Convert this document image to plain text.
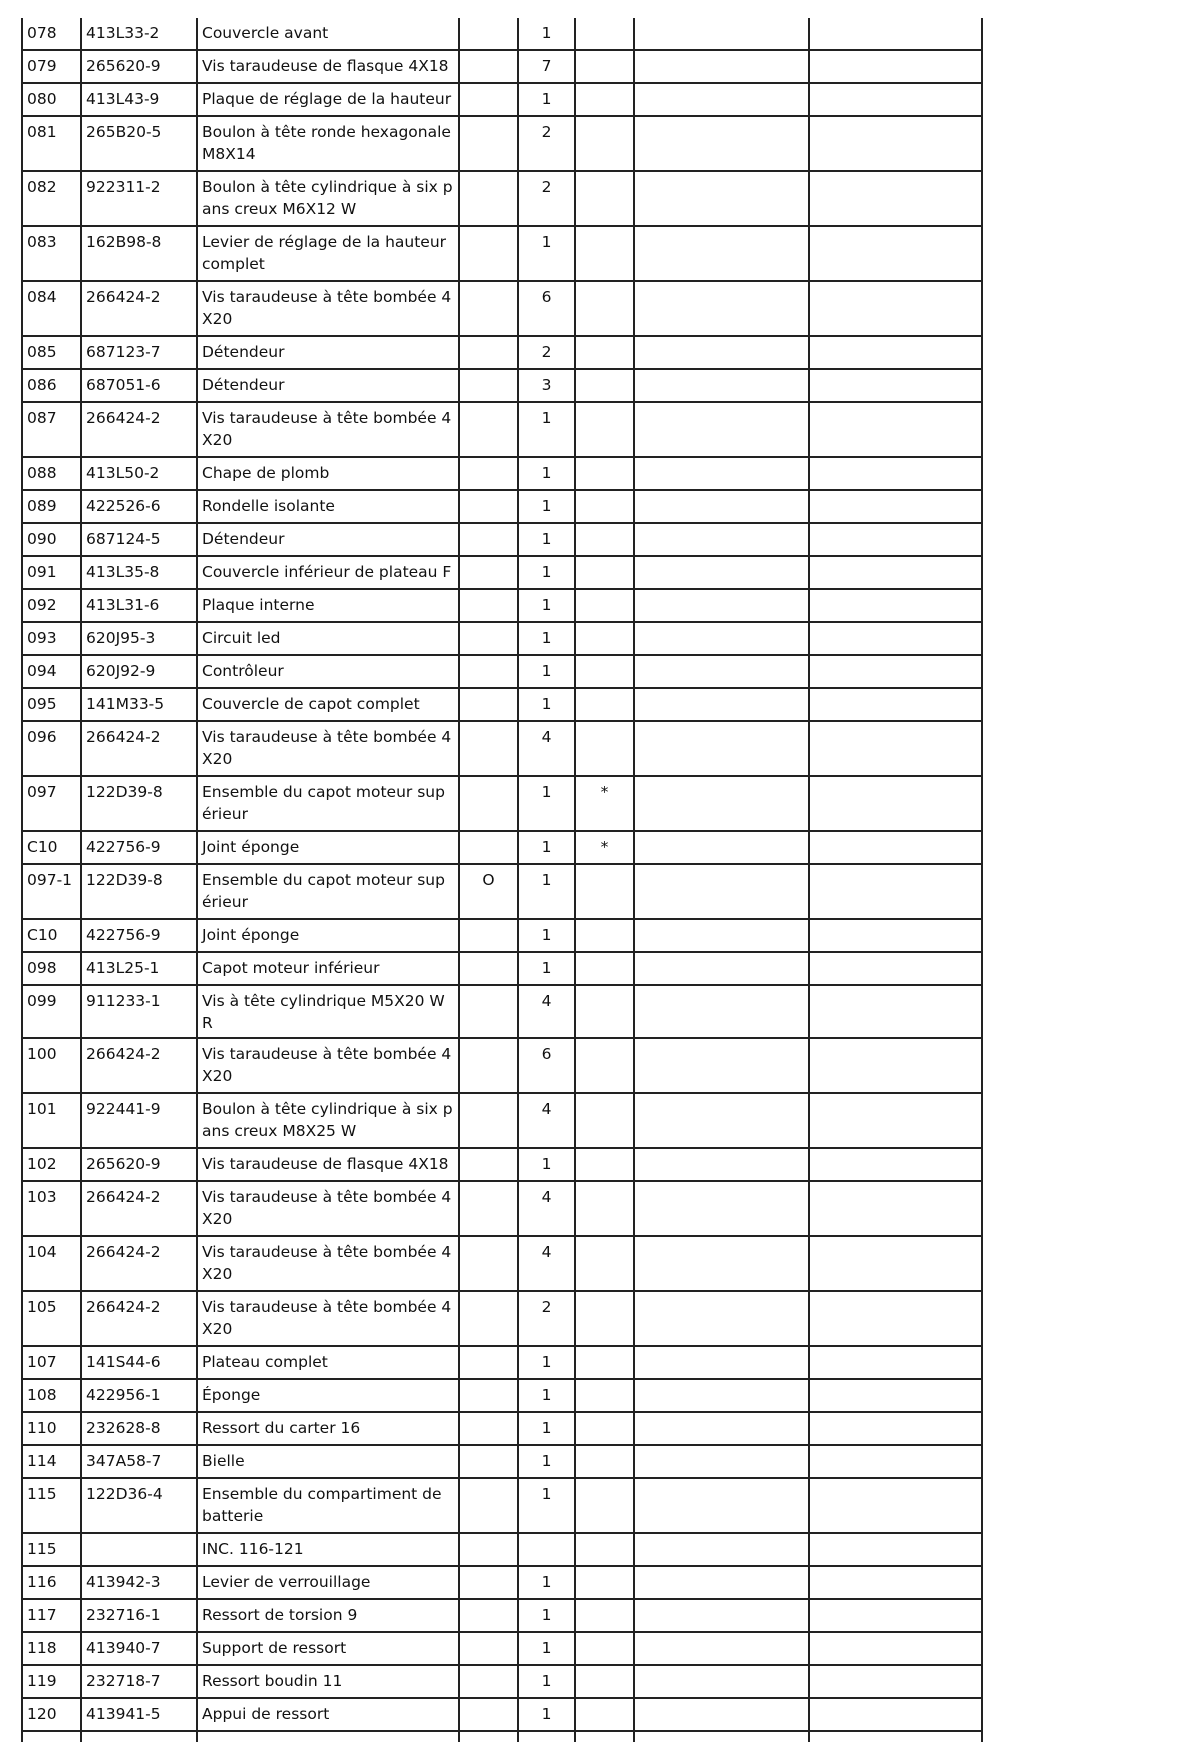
078	413L33-2	Couvercle avant		1			
079	265620-9	Vis taraudeuse de flasque 4X18		7			
080	413L43-9	Plaque de réglage de la hauteur		1			
081	265B20-5	Boulon à tête ronde hexagonale M8X14		2			
082	922311-2	Boulon à tête cylindrique à six pans creux M6X12 W		2			
083	162B98-8	Levier de réglage de la hauteur complet		1			
084	266424-2	Vis taraudeuse à tête bombée 4X20		6			
085	687123-7	Détendeur		2			
086	687051-6	Détendeur		3			
087	266424-2	Vis taraudeuse à tête bombée 4X20		1			
088	413L50-2	Chape de plomb		1			
089	422526-6	Rondelle isolante		1			
090	687124-5	Détendeur		1			
091	413L35-8	Couvercle inférieur de plateau F		1			
092	413L31-6	Plaque interne		1			
093	620J95-3	Circuit led		1			
094	620J92-9	Contrôleur		1			
095	141M33-5	Couvercle de capot complet		1			
096	266424-2	Vis taraudeuse à tête bombée 4X20		4			
097	122D39-8	Ensemble du capot moteur supérieur		1	*		
C10	422756-9	Joint éponge		1	*		
097-1	122D39-8	Ensemble du capot moteur supérieur	O	1			
C10	422756-9	Joint éponge		1			
098	413L25-1	Capot moteur inférieur		1			
099	911233-1	Vis à tête cylindrique M5X20 WR		4			
100	266424-2	Vis taraudeuse à tête bombée 4X20		6			
101	922441-9	Boulon à tête cylindrique à six pans creux M8X25 W		4			
102	265620-9	Vis taraudeuse de flasque 4X18		1			
103	266424-2	Vis taraudeuse à tête bombée 4X20		4			
104	266424-2	Vis taraudeuse à tête bombée 4X20		4			
105	266424-2	Vis taraudeuse à tête bombée 4X20		2			
107	141S44-6	Plateau complet		1			
108	422956-1	Éponge		1			
110	232628-8	Ressort du carter 16		1			
114	347A58-7	Bielle		1			
115	122D36-4	Ensemble du compartiment de batterie		1			
115		INC. 116-121					
116	413942-3	Levier de verrouillage		1			
117	232716-1	Ressort de torsion 9		1			
118	413940-7	Support de ressort		1			
119	232718-7	Ressort boudin 11		1			
120	413941-5	Appui de ressort		1			
